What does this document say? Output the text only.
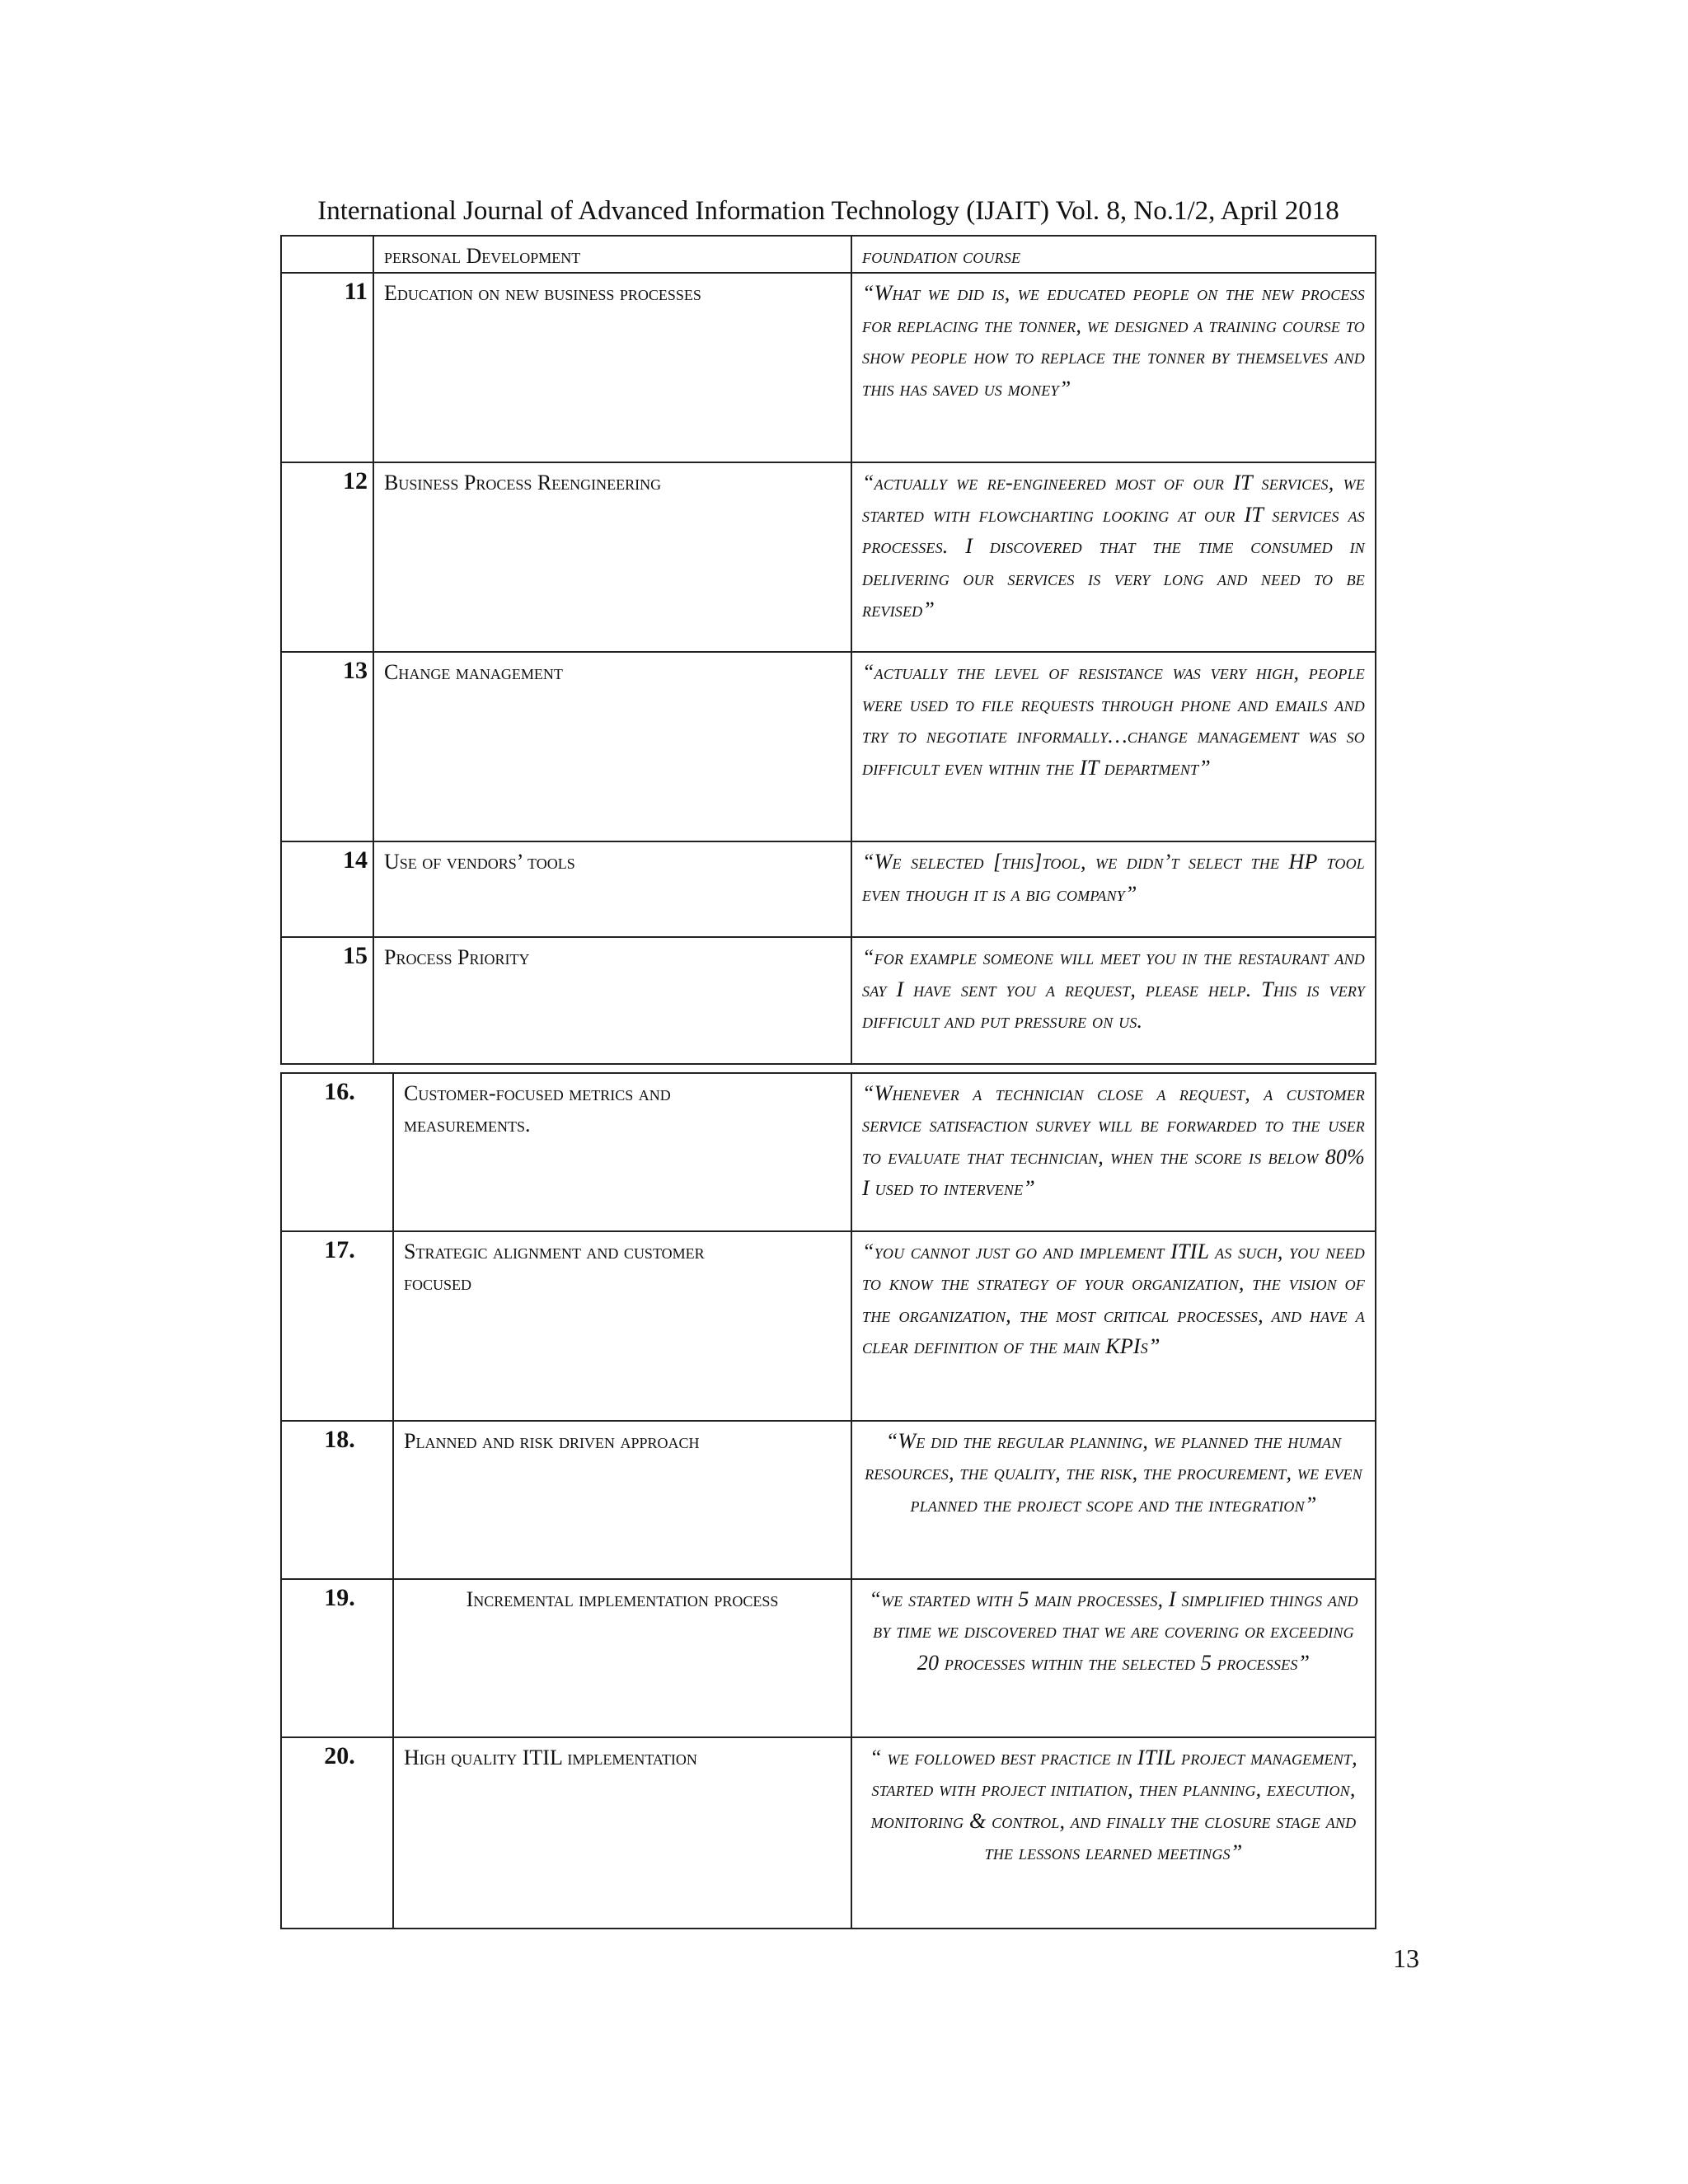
International Journal of Advanced Information Technology (IJAIT) Vol. 8, No.1/2, April 2018
	personal Development	foundation course
11	Education on new business processes	“What we did is, we educated people on the new process for replacing the tonner, we designed a training course to show people how to replace the tonner by themselves and this has saved us money”
12	Business Process Reengineering	“actually we re-engineered most of our IT services, we started with flowcharting looking at our IT services as processes. I discovered that the time consumed in delivering our services is very long and need to be revised”
13	Change management	“actually the level of resistance was very high, people were used to file requests through phone and emails and try to negotiate informally…change management was so difficult even within the IT department”
14	Use of vendors’ tools	“We selected [this]tool, we didn’t select the HP tool even though it is a big company”
15	Process Priority	“for example someone will meet you in the restaurant and say I have sent you a request, please help. This is very difficult and put pressure on us.
16.	Customer-focused metrics and measurements.	“Whenever a technician close a request, a customer service satisfaction survey will be forwarded to the user to evaluate that technician, when the score is below 80% I used to intervene”
17.	Strategic alignment and customer focused	“you cannot just go and implement ITIL as such, you need to know the strategy of your organization, the vision of the organization, the most critical processes, and have a clear definition of the main KPIs”
18.	Planned and risk driven approach	“We did the regular planning, we planned the human resources, the quality, the risk, the procurement, we even planned the project scope and the integration”
19.	Incremental implementation process	“we started with 5 main processes, I simplified things and by time we discovered that we are covering or exceeding 20 processes within the selected 5 processes”
20.	High quality ITIL implementation	“ we followed best practice in ITIL project management, started with project initiation, then planning, execution, monitoring & control, and finally the closure stage and the lessons learned meetings”
13
